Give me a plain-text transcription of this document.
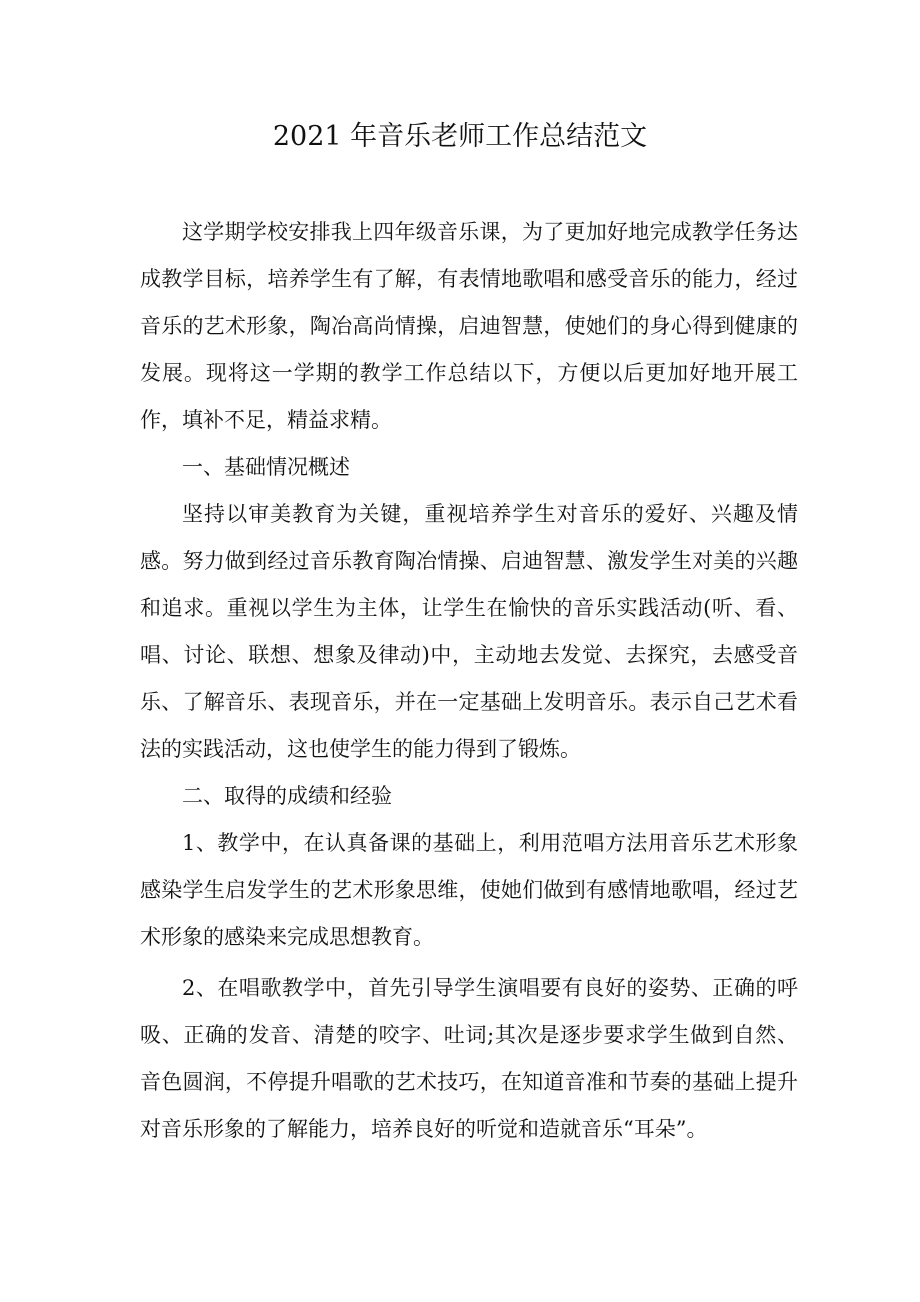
2021 年音乐老师工作总结范文

这学期学校安排我上四年级音乐课，为了更加好地完成教学任务达成教学目标，培养学生有了解，有表情地歌唱和感受音乐的能力，经过音乐的艺术形象，陶冶高尚情操，启迪智慧，使她们的身心得到健康的发展。现将这一学期的教学工作总结以下，方便以后更加好地开展工作，填补不足，精益求精。

一、基础情况概述

坚持以审美教育为关键，重视培养学生对音乐的爱好、兴趣及情感。努力做到经过音乐教育陶冶情操、启迪智慧、激发学生对美的兴趣和追求。重视以学生为主体，让学生在愉快的音乐实践活动(听、看、唱、讨论、联想、想象及律动)中，主动地去发觉、去探究，去感受音乐、了解音乐、表现音乐，并在一定基础上发明音乐。表示自己艺术看法的实践活动，这也使学生的能力得到了锻炼。

二、取得的成绩和经验

1、教学中，在认真备课的基础上，利用范唱方法用音乐艺术形象感染学生启发学生的艺术形象思维，使她们做到有感情地歌唱，经过艺术形象的感染来完成思想教育。

2、在唱歌教学中，首先引导学生演唱要有良好的姿势、正确的呼吸、正确的发音、清楚的咬字、吐词;其次是逐步要求学生做到自然、音色圆润，不停提升唱歌的艺术技巧，在知道音准和节奏的基础上提升对音乐形象的了解能力，培养良好的听觉和造就音乐“耳朵”。
